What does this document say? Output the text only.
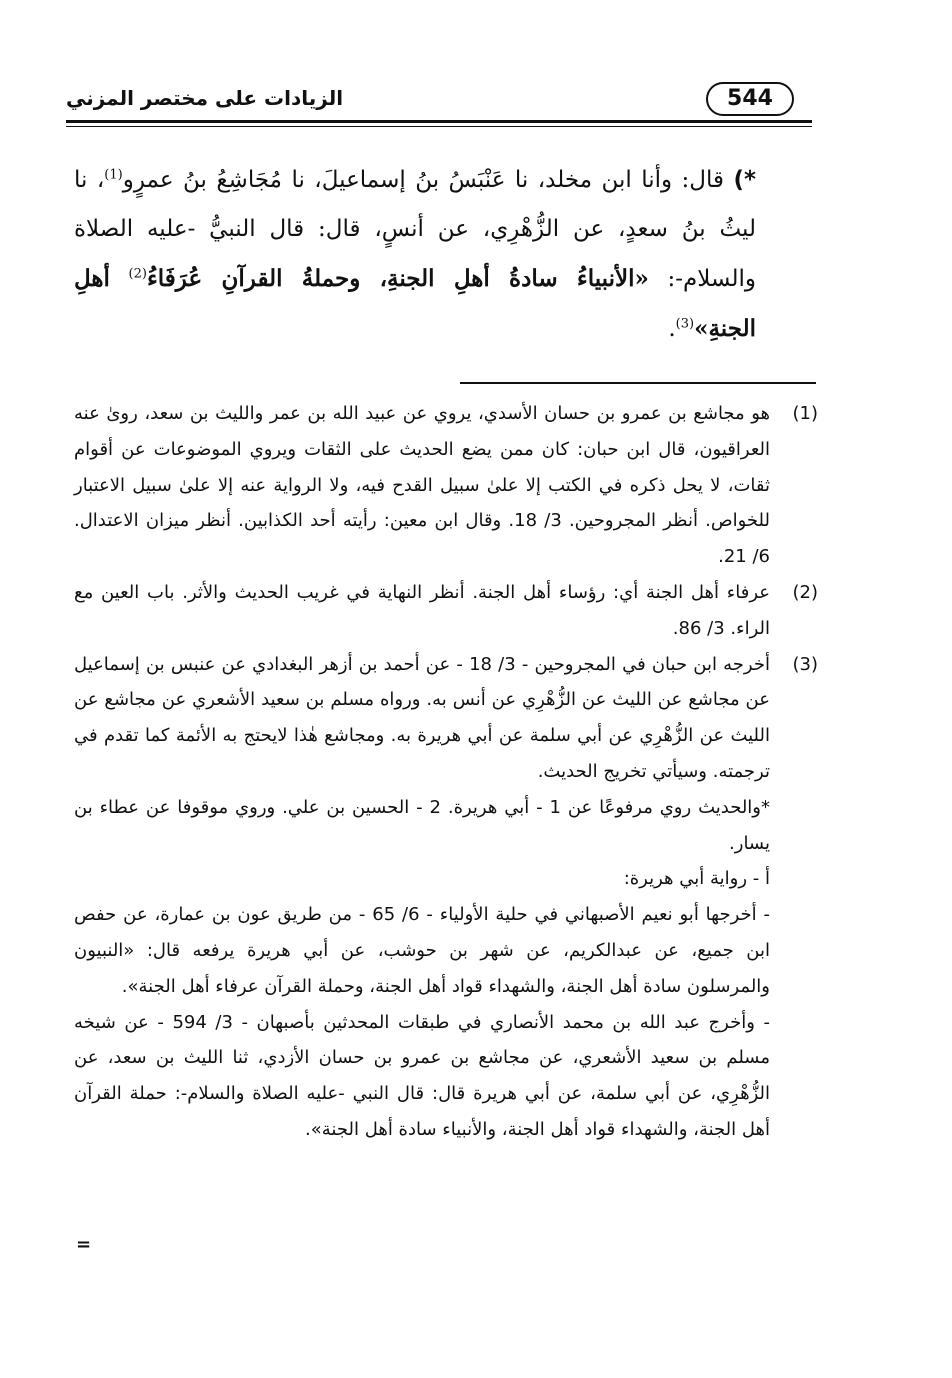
الزيادات على مختصر المزني	544
*) قال: وأنا ابن مخلد، نا عَنْبَسُ بنُ إسماعيلَ، نا مُجَاشِعُ بنُ عمرٍو$^{(1)}$، نا ليثُ بنُ سعدٍ، عن الزُّهْرِي، عن أنسٍ، قال: قال النبيُّ -عليه الصلاة والسلام-: «الأنبياءُ سادةُ أهلِ الجنةِ، وحملةُ القرآنِ عُرَفَاءُ$^{(2)}$ أهلِ الجنةِ»$^{(3)}$.
(1)

هو مجاشع بن عمرو بن حسان الأسدي، يروي عن عبيد الله بن عمر والليث بن سعد، روىٰ عنه العراقيون، قال ابن حبان: كان ممن يضع الحديث على الثقات ويروي الموضوعات عن أقوام ثقات، لا يحل ذكره في الكتب إلا علىٰ سبيل القدح فيه، ولا الرواية عنه إلا علىٰ سبيل الاعتبار للخواص. أنظر المجروحين. 3/ 18. وقال ابن معين: رأيته أحد الكذابين. أنظر ميزان الاعتدال. 6/ 21.

(2)

عرفاء أهل الجنة أي: رؤساء أهل الجنة. أنظر النهاية في غريب الحديث والأثر. باب العين مع الراء. 3/ 86.

(3)

أخرجه ابن حبان في المجروحين - 3/ 18 - عن أحمد بن أزهر البغدادي عن عنبس بن إسماعيل عن مجاشع عن الليث عن الزُّهْرِي عن أنس به. ورواه مسلم بن سعيد الأشعري عن مجاشع عن الليث عن الزُّهْرِي عن أبي سلمة عن أبي هريرة به. ومجاشع هٰذا لايحتج به الأئمة كما تقدم في ترجمته. وسيأتي تخريج الحديث.

*والحديث روي مرفوعًا عن 1 - أبي هريرة. 2 - الحسين بن علي. وروي موقوفا عن عطاء بن يسار.

أ - رواية أبي هريرة:

- أخرجها أبو نعيم الأصبهاني في حلية الأولياء - 6/ 65 - من طريق عون بن عمارة، عن حفص ابن جميع، عن عبدالكريم، عن شهر بن حوشب، عن أبي هريرة يرفعه قال: «النبيون والمرسلون سادة أهل الجنة، والشهداء قواد أهل الجنة، وحملة القرآن عرفاء أهل الجنة».

- وأخرج عبد الله بن محمد الأنصاري في طبقات المحدثين بأصبهان - 3/ 594 - عن شيخه مسلم بن سعيد الأشعري، عن مجاشع بن عمرو بن حسان الأزدي، ثنا الليث بن سعد، عن الزُّهْرِي، عن أبي سلمة، عن أبي هريرة قال: قال النبي -عليه الصلاة والسلام-: حملة القرآن أهل الجنة، والشهداء قواد أهل الجنة، والأنبياء سادة أهل الجنة».

=
